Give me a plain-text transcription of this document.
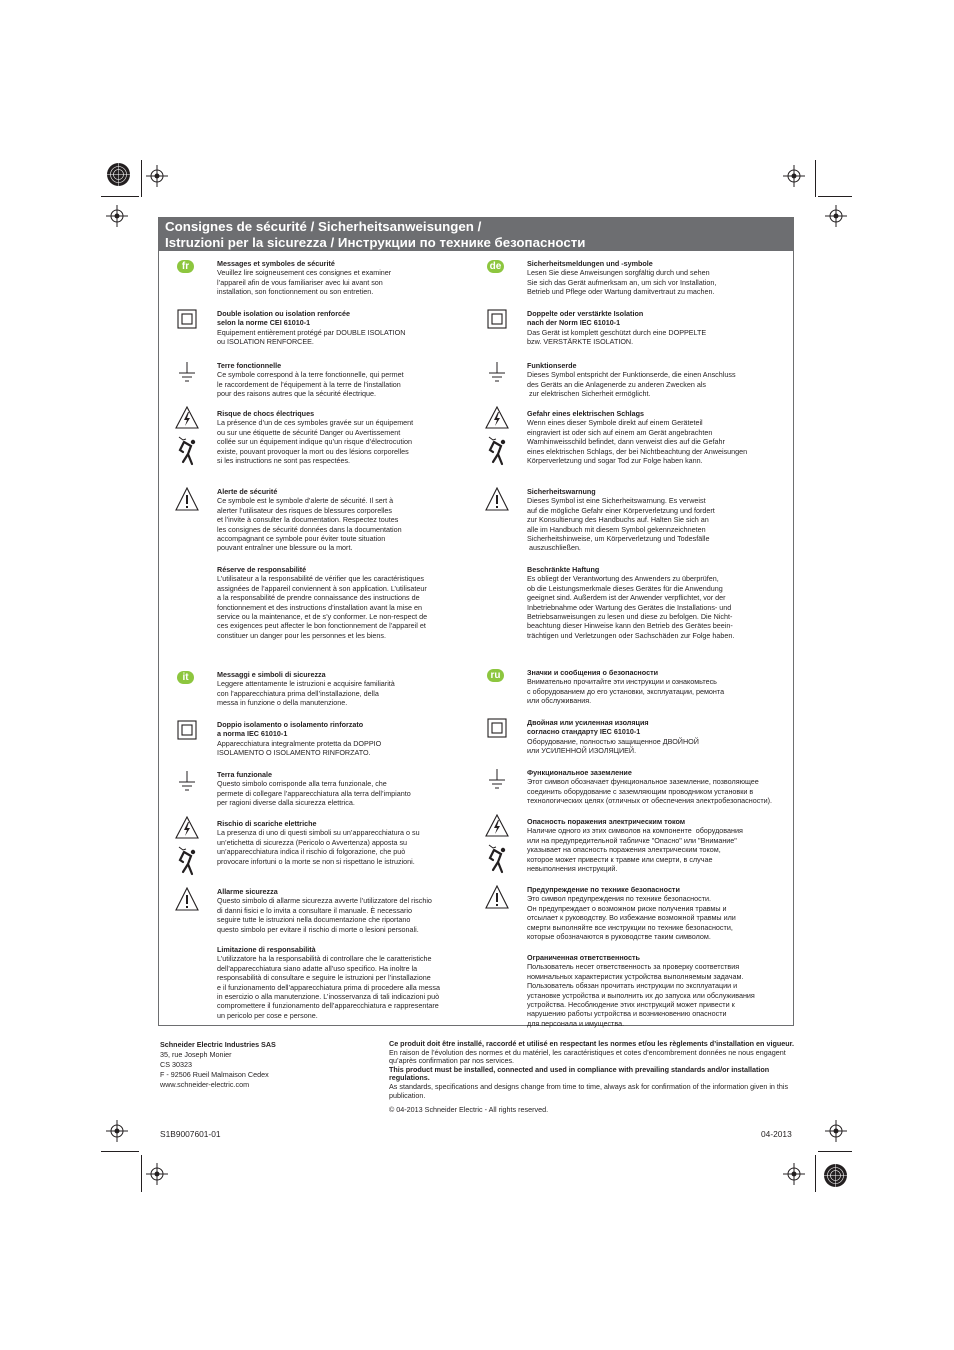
Consignes de sécurité / Sicherheitsanweisungen /
Istruzioni per la sicurezza / Инструкции по технике безопасности
fr	Messages et symboles de sécurité
Veuillez lire soigneusement ces consignes et examiner
l’appareil afin de vous familiariser avec lui avant son
installation, son fonctionnement ou son entretien.
Double isolation ou isolation renforcée
selon la norme CEI 61010-1
Equipement entièrement protégé par DOUBLE ISOLATION
ou ISOLATION RENFORCEE.
Terre fonctionnelle
Ce symbole correspond à la terre fonctionnelle, qui permet
le raccordement de l’équipement à la terre de l’installation
pour des raisons autres que la sécurité électrique.
Risque de chocs électriques
La présence d’un de ces symboles gravée sur un équipement
ou sur une étiquette de sécurité Danger ou Avertissement
collée sur un équipement indique qu’un risque d’électrocution
existe, pouvant provoquer la mort ou des lésions corporelles
si les instructions ne sont pas respectées.
Alerte de sécurité
Ce symbole est le symbole d’alerte de sécurité. Il sert à
alerter l’utilisateur des risques de blessures corporelles
et l’invite à consulter la documentation. Respectez toutes
les consignes de sécurité données dans la documentation
accompagnant ce symbole pour éviter toute situation
pouvant entraîner une blessure ou la mort.
Réserve de responsabilité
L’utilisateur a la responsabilité de vérifier que les caractéristiques
assignées de l’appareil conviennent à son application. L’utilisateur
a la responsabilité de prendre connaissance des instructions de
fonctionnement et des instructions d’installation avant la mise en
service ou la maintenance, et de s’y conformer. Le non-respect de
ces exigences peut affecter le bon fonctionnement de l’appareil et
constituer un danger pour les personnes et les biens.
de	Sicherheitsmeldungen und -symbole
Lesen Sie diese Anweisungen sorgfältig durch und sehen
Sie sich das Gerät aufmerksam an, um sich vor Installation,
Betrieb und Pflege oder Wartung damitvertraut zu machen.
Doppelte oder verstärkte Isolation
nach der Norm IEC 61010-1
Das Gerät ist komplett geschützt durch eine DOPPELTE
bzw. VERSTÄRKTE ISOLATION.
Funktionserde
Dieses Symbol entspricht der Funktionserde, die einen Anschluss
des Geräts an die Anlagenerde zu anderen Zwecken als
zur elektrischen Sicherheit ermöglicht.
Gefahr eines elektrischen Schlags
Wenn eines dieser Symbole direkt auf einem Geräteteil
eingraviert ist oder sich auf einem am Gerät angebrachten
Warnhinweisschild befindet, dann verweist dies auf die Gefahr
eines elektrischen Schlags, der bei Nichtbeachtung der Anweisungen
Körperverletzung und sogar Tod zur Folge haben kann.
Sicherheitswarnung
Dieses Symbol ist eine Sicherheitswarnung. Es verweist
auf die mögliche Gefahr einer Körperverletzung und fordert
zur Konsultierung des Handbuchs auf. Halten Sie sich an
alle im Handbuch mit diesem Symbol gekennzeichneten
Sicherheitshinweise, um Körperverletzung und Todesfälle
auszuschließen.
Beschränkte Haftung
Es obliegt der Verantwortung des Anwenders zu überprüfen,
ob die Leistungsmerkmale dieses Gerätes für die Anwendung
geeignet sind. Außerdem ist der Anwender verpflichtet, vor der
Inbetriebnahme oder Wartung des Gerätes die Installations- und
Betriebsanweisungen zu lesen und diese zu befolgen. Die Nicht-
beachtung dieser Hinweise kann den Betrieb des Gerätes beein-
trächtigen und Verletzungen oder Sachschäden zur Folge haben.
it	Messaggi e simboli di sicurezza
Leggere attentamente le istruzioni e acquisire familiarità
con l’apparecchiatura prima dell’installazione, della
messa in funzione o della manutenzione.
Doppio isolamento o isolamento rinforzato
a norma IEC 61010-1
Apparecchiatura integralmente protetta da DOPPIO
ISOLAMENTO O ISOLAMENTO RINFORZATO.
Terra funzionale
Questo simbolo corrisponde alla terra funzionale, che
permete di collegare l’apparecchiatura alla terra dell’impianto
per ragioni diverse dalla sicurezza elettrica.
Rischio di scariche elettriche
La presenza di uno di questi simboli su un’apparecchiatura o su
un’etichetta di sicurezza (Pericolo o Avvertenza) apposta su
un’apparecchiatura indica il rischio di folgorazione, che può
provocare infortuni o la morte se non si rispettano le istruzioni.
Allarme sicurezza
Questo simbolo di allarme sicurezza avverte l’utilizzatore del rischio
di danni fisici e lo invita a consultare il manuale. È necessario
seguire tutte le istruzioni nella documentazione che riportano
questo simbolo per evitare il rischio di morte o lesioni personali.
Limitazione di responsabilità
L’utilizzatore ha la responsabilità di controllare che le caratteristiche
dell’apparecchiatura siano adatte all’uso specifico. Ha inoltre la
responsabilità di consultare e seguire le istruzioni per l’installazione
e il funzionamento dell’apparecchiatura prima di procedere alla messa
in esercizio o alla manutenzione. L’inosservanza di tali indicazioni può
compromettere il funzionamento dell’apparecchiatura e rappresentare
un pericolo per cose e persone.
ru	Значки и сообщения о безопасности
Внимательно прочитайте эти инструкции и ознакомьтесь
с оборудованием до его установки, эксплуатации, ремонта
или обслуживания.
Двойная или усиленная изоляция
согласно стандарту IEC 61010-1
Оборудование, полностью защищенное ДВОЙНОЙ
или УСИЛЕННОЙ ИЗОЛЯЦИЕЙ.
Функциональное заземление
Этот символ обозначает функциональное заземление, позволяющее
соединить оборудование с заземляющим проводником установки в
технологических целях (отличных от обеспечения электробезопасности).
Опасность поражения электрическим током
Наличие одного из этих символов на компоненте  оборудования
или на предупредительной табличке "Опасно" или "Внимание"
указывает на опасность поражения электрическим током,
которое может привести к травме или смерти, в случае
невыполнения инструкций.
Предупреждение по технике безопасности
Это символ предупреждения по технике безопасности.
Он предупреждает о возможном риске получения травмы и
отсылает к руководству. Во избежание возможной травмы или
смерти выполняйте все инструкции по технике безопасности,
которые обозначаются в руководстве таким символом.
Ограниченная ответственность
Пользователь несет ответственность за проверку соответствия
номинальных характеристик устройства выполняемым задачам.
Пользователь обязан прочитать инструкции по эксплуатации и
установке устройства и выполнить их до запуска или обслуживания
устройства. Несоблюдение этих инструкций может привести к
нарушению работы устройства и возникновению опасности
для персонала и имущества.
Schneider Electric Industries SAS
35, rue Joseph Monier
CS 30323
F - 92506 Rueil Malmaison Cedex
www.schneider-electric.com

Ce produit doit être installé, raccordé et utilisé en respectant les normes et/ou les règlements d’installation en vigueur.

En raison de l’évolution des normes et du matériel, les caractéristiques et cotes d’encombrement données ne nous engagent qu’après confirmation par nos services.

This product must be installed, connected and used in compliance with prevailing standards and/or installation regulations.

As standards, specifications and designs change from time to time, always ask for confirmation of the information given in this publication.

© 04-2013 Schneider Electric - All rights reserved.

S1B9007601-01	04-2013
